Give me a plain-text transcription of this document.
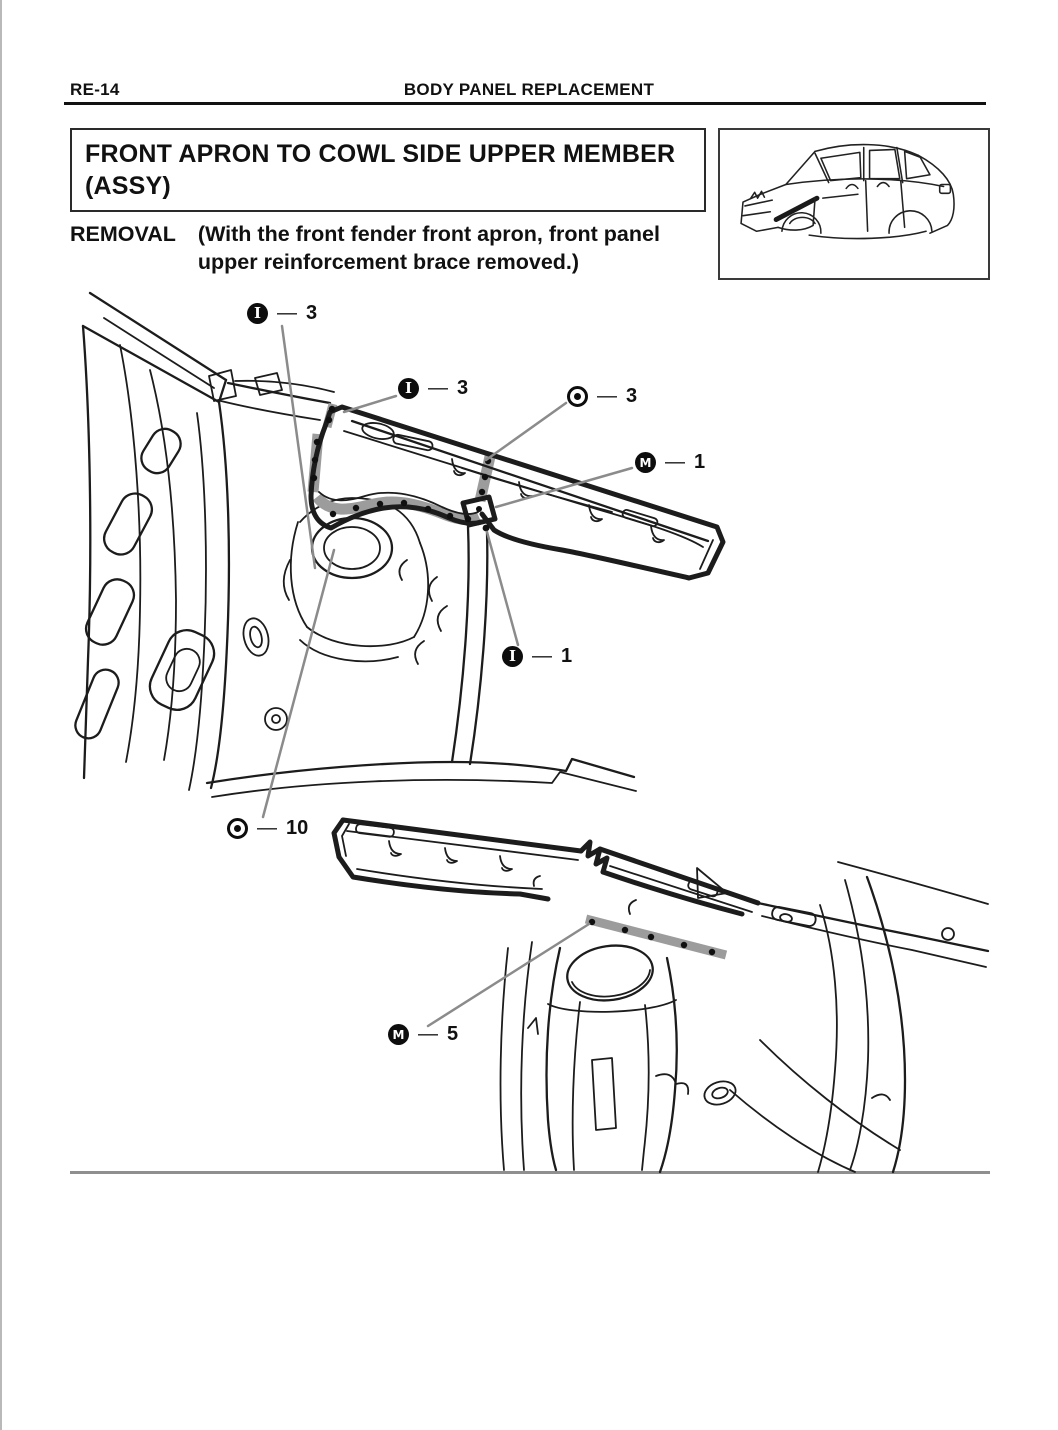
RE-14	BODY PANEL REPLACEMENT
FRONT APRON TO COWL SIDE UPPER MEMBER (ASSY)
REMOVAL (With the front fender front apron, front panel upper reinforcement brace removed.)
I — 3
I — 3	— 3
M — 1
I — 1
— 10
M — 5
